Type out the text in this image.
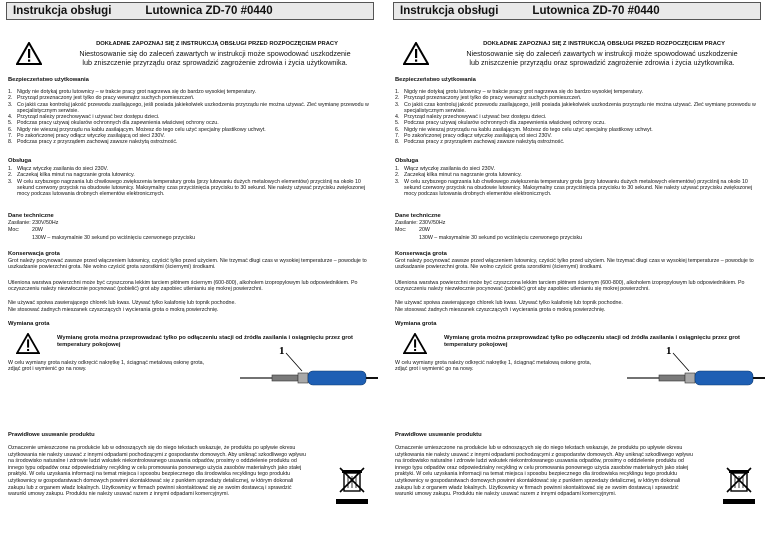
Instrukcja obsługi	Lutownica ZD-70 #0440
DOKŁADNIE ZAPOZNAJ SIĘ Z INSTRUKCJĄ OBSŁUGI PRZED ROZPOCZĘCIEM PRACY
Niestosowanie się do zaleceń zawartych w instrukcji może spowodować uszkodzenie
lub zniszczenie przyrządu oraz sprowadzić zagrożenie zdrowia i życia użytkownika.
Bezpieczeństwo użytkowania
1. Nigdy nie dotykaj grotu lutownicy – w trakcie pracy grot nagrzewa się do bardzo wysokiej temperatury.
2. Przyrząd przeznaczony jest tylko do pracy wewnątrz suchych pomieszczeń.
3. Co jakiś czas kontroluj jakość przewodu zasilającego, jeśli posiada jakiekolwiek uszkodzenia przyrządu nie można używać. Zleć wymianę przewodu w specjalistycznym serwisie.
4. Przyrząd należy przechowywać i używać bez dostępu dzieci.
5. Podczas pracy używaj okularów ochronnych dla zapewnienia właściwej ochrony oczu.
6. Nigdy nie wieszaj przyrządu na kablu zasilającym. Możesz do tego celu użyć specjalny plastikowy uchwyt.
7. Po zakończonej pracy odłącz wtyczkę zasilającą od sieci 230V.
8. Podczas pracy z przyrządem zachowaj zawsze należytą ostrożność.
Obsługa
1. Włącz wtyczkę zasilania do sieci 230V.
2. Zaczekaj kilka minut na nagrzanie grota lutownicy.
3. W celu szybszego nagrzania lub chwilowego zwiększenia temperatury grota (przy lutowaniu dużych metalowych elementów) przyciśnij na około 10 sekund czerwony przycisk na obudowie lutownicy. Maksymalny czas przyciśnięcia przycisku to 30 sekund. Nie należy używać przycisku zwiększonej mocy podczas lutowania drobnych elementów elektronicznych.
Dane techniczne
Zasilanie: 230V/50Hz
Moc: 20W
130W – maksymalnie 30 sekund po wciśnięciu czerwonego przycisku
Konserwacja grota
Grot należy pocynować zawsze przed włączeniem lutownicy, czyścić tylko przed użyciem. Nie trzymać długi czas w wysokiej temperaturze – powoduje to uszkadzanie powierzchni grota. Nie wolno czyścić grota szorstkimi (ściernymi) środkami.
Utleniona warstwa powierzchni może być czyszczona lekkim tarciem płótnem ściernym (600-800), alkoholem izopropylowym lub odpowiednikiem. Po oczyszczeniu należy niezwłocznie pocynować (pobielić) grot aby zapobiec utlenianiu się mokrej powierzchni.
Nie używać spoiwa zawierającego chlorek lub kwas. Używać tylko kalafonię lub topnik pochodne.
Nie stosować żadnych mieszanek czyszczących i wycierania grota o mokrą powierzchnię.
Wymiana grota
Wymianę grota można przeprowadzać tylko po odłączeniu stacji od źródła zasilania i osiągnięciu przez grot temperatury pokojowej
W celu wymiany grota należy odkręcić nakrętkę 1, ściągnąć metalową osłonę grota, zdjąć grot i wymienić go na nowy.
1
Prawidłowe usuwanie produktu
Oznaczenie umieszczone na produkcie lub w odnoszących się do niego tekstach wskazuje, że produktu po upływie okresu użytkowania nie należy usuwać z innymi odpadami pochodzącymi z gospodarstw domowych. Aby uniknąć szkodliwego wpływu na środowisko naturalne i zdrowie ludzi wskutek niekontrolowanego usuwania odpadów, prosimy o oddzielenie produktu od innego typu odpadów oraz odpowiedzialny recykling w celu promowania ponownego użycia zasobów materialnych jako stałej praktyki. W celu uzyskania informacji na temat miejsca i sposobu bezpiecznego dla środowiska recyklingu tego produktu użytkownicy w gospodarstwach domowych powinni skontaktować się z punktem sprzedaży detalicznej, w którym dokonali zakupu lub z organem władz lokalnych. Użytkownicy w firmach powinni skontaktować się ze swoim dostawcą i sprawdzić warunki umowy zakupu. Produktu nie należy usuwać razem z innymi odpadami komercyjnymi.
Instrukcja obsługi	Lutownica ZD-70 #0440
DOKŁADNIE ZAPOZNAJ SIĘ Z INSTRUKCJĄ OBSŁUGI PRZED ROZPOCZĘCIEM PRACY
Niestosowanie się do zaleceń zawartych w instrukcji może spowodować uszkodzenie
lub zniszczenie przyrządu oraz sprowadzić zagrożenie zdrowia i życia użytkownika.
Bezpieczeństwo użytkowania
1. Nigdy nie dotykaj grotu lutownicy – w trakcie pracy grot nagrzewa się do bardzo wysokiej temperatury.
2. Przyrząd przeznaczony jest tylko do pracy wewnątrz suchych pomieszczeń.
3. Co jakiś czas kontroluj jakość przewodu zasilającego, jeśli posiada jakiekolwiek uszkodzenia przyrządu nie można używać. Zleć wymianę przewodu w specjalistycznym serwisie.
4. Przyrząd należy przechowywać i używać bez dostępu dzieci.
5. Podczas pracy używaj okularów ochronnych dla zapewnienia właściwej ochrony oczu.
6. Nigdy nie wieszaj przyrządu na kablu zasilającym. Możesz do tego celu użyć specjalny plastikowy uchwyt.
7. Po zakończonej pracy odłącz wtyczkę zasilającą od sieci 230V.
8. Podczas pracy z przyrządem zachowaj zawsze należytą ostrożność.
Obsługa
1. Włącz wtyczkę zasilania do sieci 230V.
2. Zaczekaj kilka minut na nagrzanie grota lutownicy.
3. W celu szybszego nagrzania lub chwilowego zwiększenia temperatury grota (przy lutowaniu dużych metalowych elementów) przyciśnij na około 10 sekund czerwony przycisk na obudowie lutownicy. Maksymalny czas przyciśnięcia przycisku to 30 sekund. Nie należy używać przycisku zwiększonej mocy podczas lutowania drobnych elementów elektronicznych.
Dane techniczne
Zasilanie: 230V/50Hz
Moc: 20W
130W – maksymalnie 30 sekund po wciśnięciu czerwonego przycisku
Konserwacja grota
Grot należy pocynować zawsze przed włączeniem lutownicy, czyścić tylko przed użyciem. Nie trzymać długi czas w wysokiej temperaturze – powoduje to uszkadzanie powierzchni grota. Nie wolno czyścić grota szorstkimi (ściernymi) środkami.
Utleniona warstwa powierzchni może być czyszczona lekkim tarciem płótnem ściernym (600-800), alkoholem izopropylowym lub odpowiednikiem. Po oczyszczeniu należy niezwłocznie pocynować (pobielić) grot aby zapobiec utlenianiu się mokrej powierzchni.
Nie używać spoiwa zawierającego chlorek lub kwas. Używać tylko kalafonię lub topnik pochodne.
Nie stosować żadnych mieszanek czyszczących i wycierania grota o mokrą powierzchnię.
Wymiana grota
Wymianę grota można przeprowadzać tylko po odłączeniu stacji od źródła zasilania i osiągnięciu przez grot temperatury pokojowej
W celu wymiany grota należy odkręcić nakrętkę 1, ściągnąć metalową osłonę grota, zdjąć grot i wymienić go na nowy.
1
Prawidłowe usuwanie produktu
Oznaczenie umieszczone na produkcie lub w odnoszących się do niego tekstach wskazuje, że produktu po upływie okresu użytkowania nie należy usuwać z innymi odpadami pochodzącymi z gospodarstw domowych. Aby uniknąć szkodliwego wpływu na środowisko naturalne i zdrowie ludzi wskutek niekontrolowanego usuwania odpadów, prosimy o oddzielenie produktu od innego typu odpadów oraz odpowiedzialny recykling w celu promowania ponownego użycia zasobów materialnych jako stałej praktyki. W celu uzyskania informacji na temat miejsca i sposobu bezpiecznego dla środowiska recyklingu tego produktu użytkownicy w gospodarstwach domowych powinni skontaktować się z punktem sprzedaży detalicznej, w którym dokonali zakupu lub z organem władz lokalnych. Użytkownicy w firmach powinni skontaktować się ze swoim dostawcą i sprawdzić warunki umowy zakupu. Produktu nie należy usuwać razem z innymi odpadami komercyjnymi.
